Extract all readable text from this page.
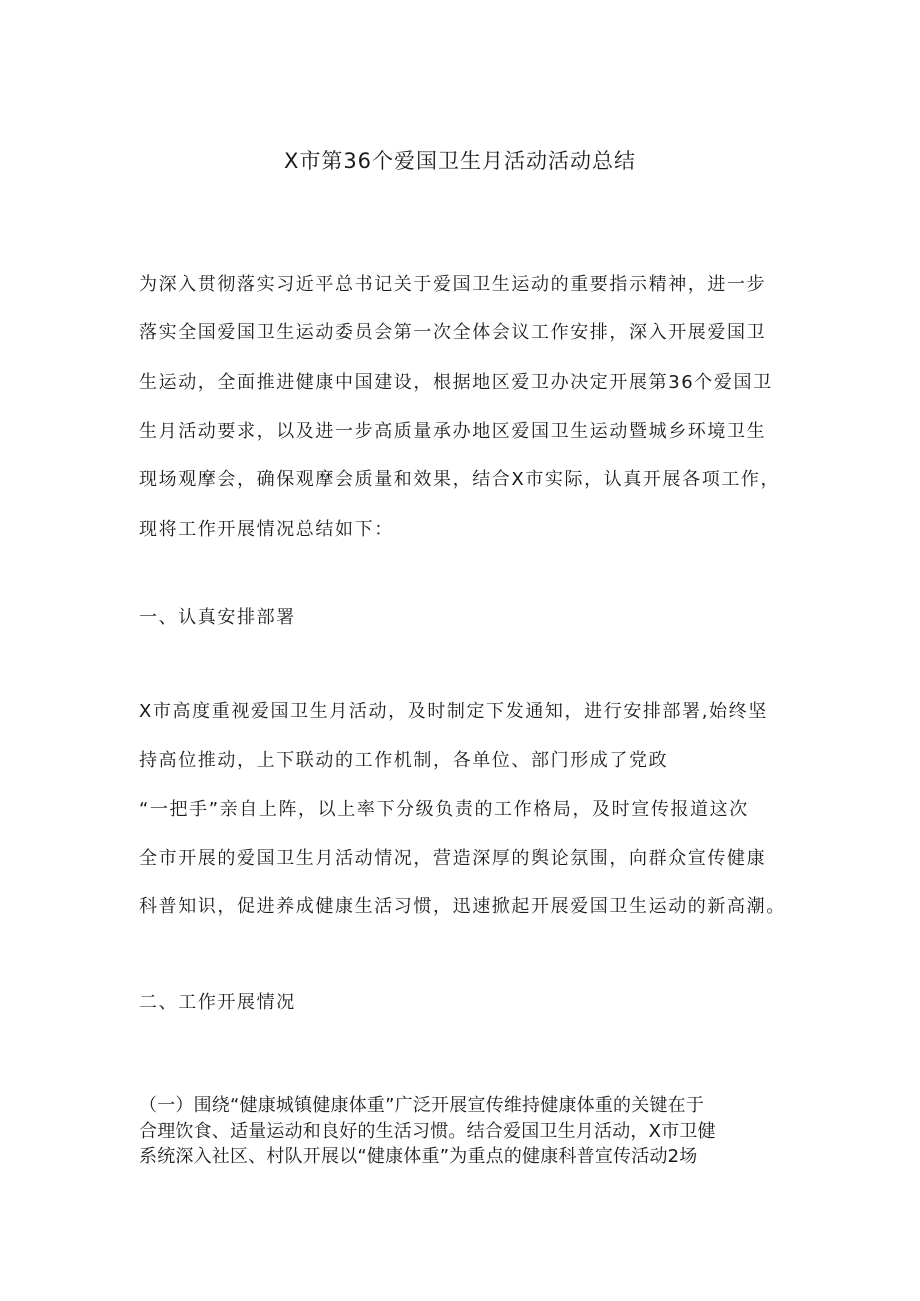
X市第36个爱国卫生月活动活动总结

为深入贯彻落实习近平总书记关于爱国卫生运动的重要指示精神，进一步

落实全国爱国卫生运动委员会第一次全体会议工作安排，深入开展爱国卫

生运动，全面推进健康中国建设，根据地区爱卫办决定开展第36个爱国卫

生月活动要求，以及进一步高质量承办地区爱国卫生运动暨城乡环境卫生

现场观摩会，确保观摩会质量和效果，结合X市实际，认真开展各项工作，

现将工作开展情况总结如下：

一、认真安排部署

X市高度重视爱国卫生月活动，及时制定下发通知，进行安排部署,始终坚

持高位推动，上下联动的工作机制，各单位、部门形成了党政

“一把手”亲自上阵，以上率下分级负责的工作格局，及时宣传报道这次

全市开展的爱国卫生月活动情况，营造深厚的舆论氛围，向群众宣传健康

科普知识，促进养成健康生活习惯，迅速掀起开展爱国卫生运动的新高潮。

二、工作开展情况

（一）围绕“健康城镇健康体重”广泛开展宣传维持健康体重的关键在于

合理饮食、适量运动和良好的生活习惯。结合爱国卫生月活动，X市卫健

系统深入社区、村队开展以“健康体重”为重点的健康科普宣传活动2场
